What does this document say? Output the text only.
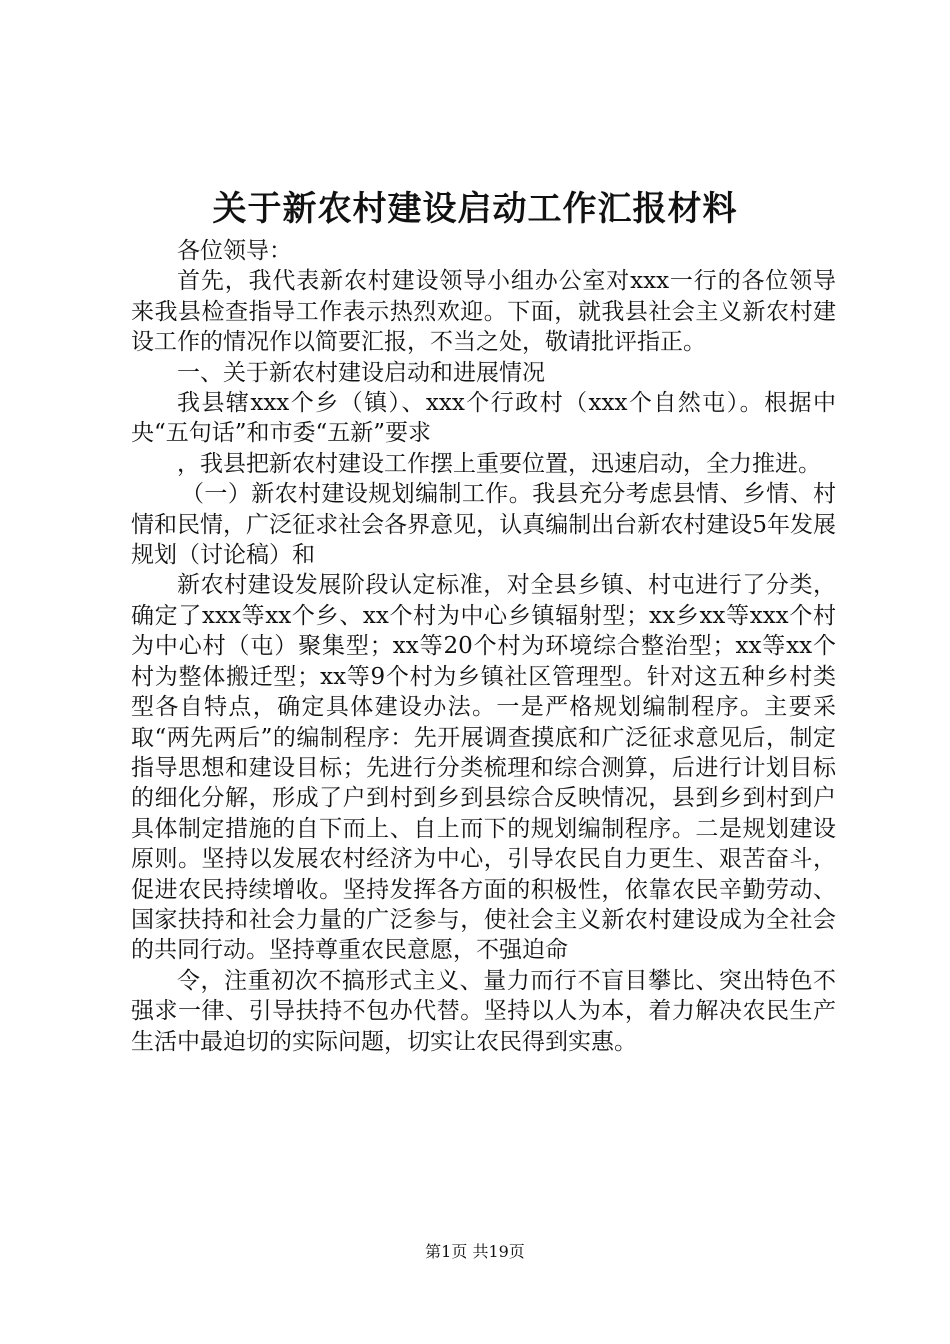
关于新农村建设启动工作汇报材料

各位领导：

首先，我代表新农村建设领导小组办公室对xxx一行的各位领导来我县检查指导工作表示热烈欢迎。下面，就我县社会主义新农村建设工作的情况作以简要汇报，不当之处，敬请批评指正。

一、关于新农村建设启动和进展情况

我县辖xxx个乡（镇）、xxx个行政村（xxx个自然屯）。根据中央“五句话”和市委“五新”要求

，我县把新农村建设工作摆上重要位置，迅速启动，全力推进。

（一）新农村建设规划编制工作。我县充分考虑县情、乡情、村情和民情，广泛征求社会各界意见，认真编制出台新农村建设5年发展规划（讨论稿）和

新农村建设发展阶段认定标准，对全县乡镇、村屯进行了分类，确定了xxx等xx个乡、xx个村为中心乡镇辐射型；xx乡xx等xxx个村为中心村（屯）聚集型；xx等20个村为环境综合整治型；xx等xx个村为整体搬迁型；xx等9个村为乡镇社区管理型。针对这五种乡村类型各自特点，确定具体建设办法。一是严格规划编制程序。主要采取“两先两后”的编制程序：先开展调查摸底和广泛征求意见后，制定指导思想和建设目标；先进行分类梳理和综合测算，后进行计划目标的细化分解，形成了户到村到乡到县综合反映情况，县到乡到村到户具体制定措施的自下而上、自上而下的规划编制程序。二是规划建设原则。坚持以发展农村经济为中心，引导农民自力更生、艰苦奋斗，促进农民持续增收。坚持发挥各方面的积极性，依靠农民辛勤劳动、国家扶持和社会力量的广泛参与，使社会主义新农村建设成为全社会的共同行动。坚持尊重农民意愿，不强迫命

令，注重初次不搞形式主义、量力而行不盲目攀比、突出特色不强求一律、引导扶持不包办代替。坚持以人为本，着力解决农民生产生活中最迫切的实际问题，切实让农民得到实惠。

第1页 共19页
